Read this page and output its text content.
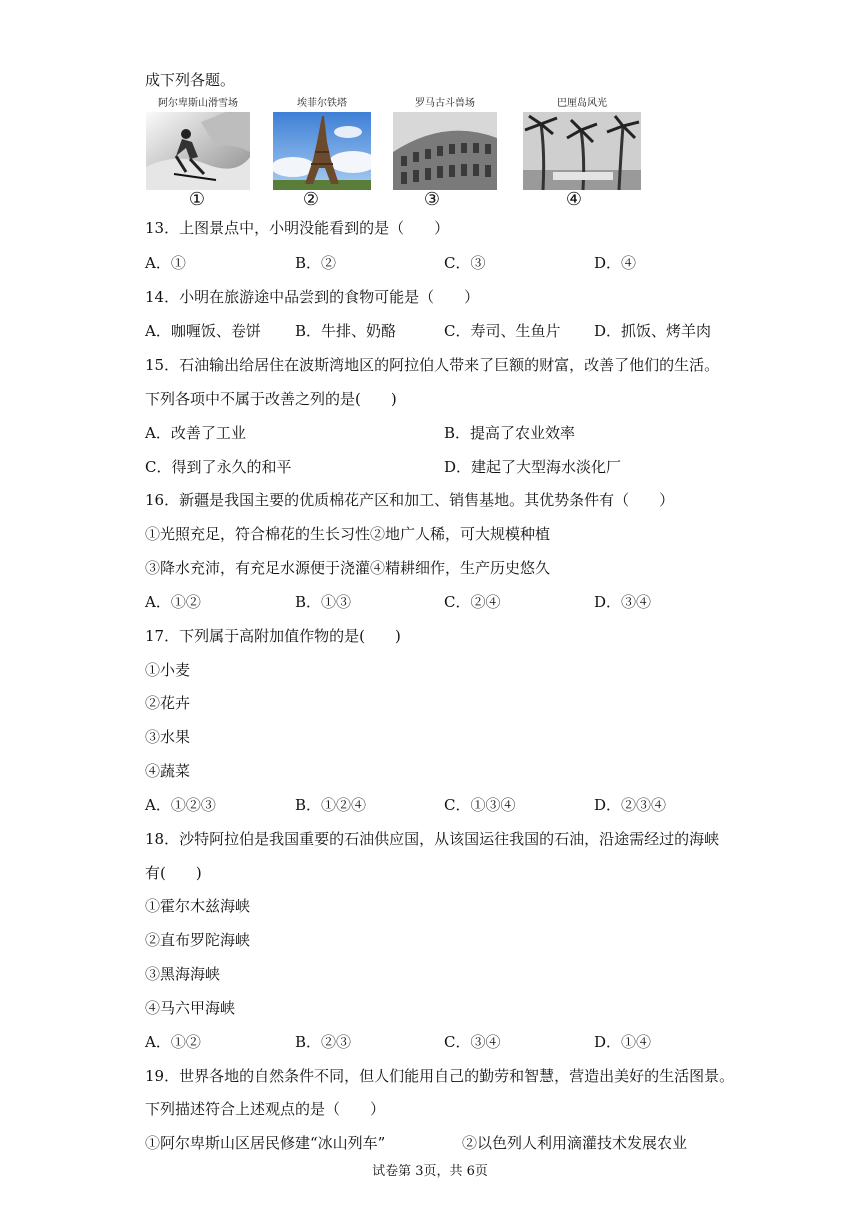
成下列各题。
阿尔卑斯山滑雪场
①
埃菲尔铁塔
②
罗马古斗兽场
③
巴厘岛风光
④
13．上图景点中，小明没能看到的是（　　）
A．①	B．②	C．③	D．④
14．小明在旅游途中品尝到的食物可能是（　　）
A．咖喱饭、卷饼 B．牛排、奶酪	C．寿司、生鱼片 D．抓饭、烤羊肉
15．石油输出给居住在波斯湾地区的阿拉伯人带来了巨额的财富，改善了他们的生活。
下列各项中不属于改善之列的是(　　)
A．改善了工业	B．提高了农业效率
C．得到了永久的和平	D．建起了大型海水淡化厂
16．新疆是我国主要的优质棉花产区和加工、销售基地。其优势条件有（　　）
①光照充足，符合棉花的生长习性②地广人稀，可大规模种植
③降水充沛，有充足水源便于浇灌④精耕细作，生产历史悠久
A．①②	B．①③	C．②④	D．③④
17．下列属于高附加值作物的是(　　)
①小麦
②花卉
③水果
④蔬菜
A．①②③	B．①②④	C．①③④	D．②③④
18．沙特阿拉伯是我国重要的石油供应国，从该国运往我国的石油，沿途需经过的海峡
有(　　)
①霍尔木兹海峡
②直布罗陀海峡
③黑海海峡
④马六甲海峡
A．①②	B．②③	C．③④	D．①④
19．世界各地的自然条件不同，但人们能用自己的勤劳和智慧，营造出美好的生活图景。
下列描述符合上述观点的是（　　）
①阿尔卑斯山区居民修建“冰山列车”	②以色列人利用滴灌技术发展农业
试卷第 3页，共 6页
